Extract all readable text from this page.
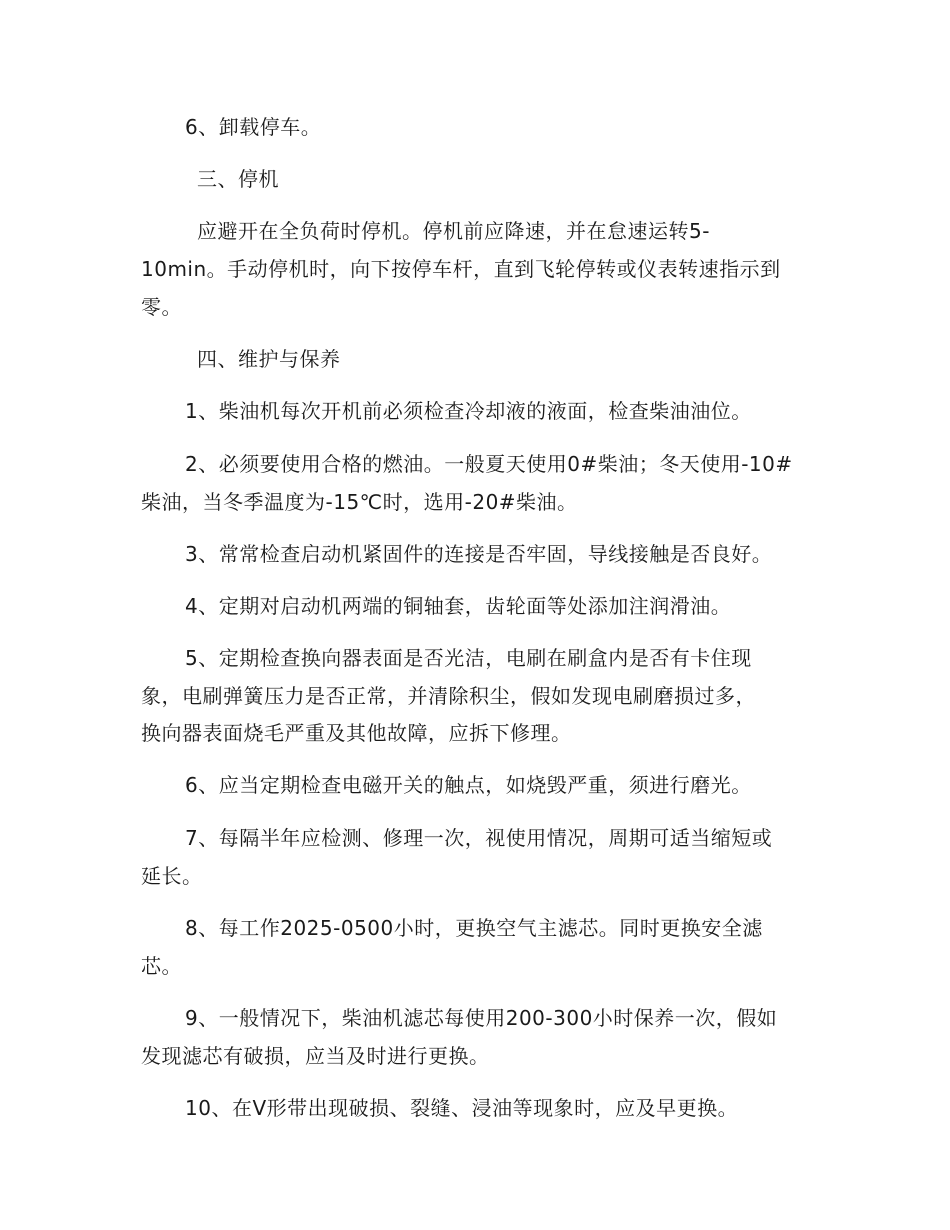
6、卸载停车。
三、停机
应避开在全负荷时停机。停机前应降速，并在怠速运转5-
10min。手动停机时，向下按停车杆，直到飞轮停转或仪表转速指示到
零。
四、维护与保养
1、柴油机每次开机前必须检查冷却液的液面，检查柴油油位。
2、必须要使用合格的燃油。一般夏天使用0#柴油；冬天使用-10#
柴油，当冬季温度为-15℃时，选用-20#柴油。
3、常常检查启动机紧固件的连接是否牢固，导线接触是否良好。
4、定期对启动机两端的铜轴套，齿轮面等处添加注润滑油。
5、定期检查换向器表面是否光洁，电刷在刷盒内是否有卡住现
象，电刷弹簧压力是否正常，并清除积尘，假如发现电刷磨损过多，
换向器表面烧毛严重及其他故障，应拆下修理。
6、应当定期检查电磁开关的触点，如烧毁严重，须进行磨光。
7、每隔半年应检测、修理一次，视使用情况，周期可适当缩短或
延长。
8、每工作2025-0500小时，更换空气主滤芯。同时更换安全滤
芯。
9、一般情况下，柴油机滤芯每使用200-300小时保养一次，假如
发现滤芯有破损，应当及时进行更换。
10、在V形带出现破损、裂缝、浸油等现象时，应及早更换。
